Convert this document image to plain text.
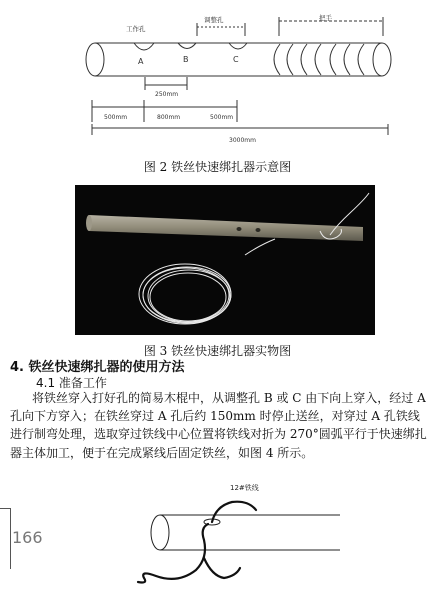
工作孔
调整孔	把手
A	B	C
250mm
500mm	800mm	500mm
3000mm
图 2 铁丝快速绑扎器示意图
图 3 铁丝快速绑扎器实物图
4. 铁丝快速绑扎器的使用方法
4.1 准备工作
将铁丝穿入打好孔的简易木棍中，从调整孔 B 或 C 由下向上穿入，经过 A 孔向下方穿入；在铁丝穿过 A 孔后约 150mm 时停止送丝，对穿过 A 孔铁线进行制弯处理，选取穿过铁线中心位置将铁线对折为 270°圆弧平行于快速绑扎器主体加工，便于在完成紧线后固定铁丝，如图 4 所示。
166
12#铁线
